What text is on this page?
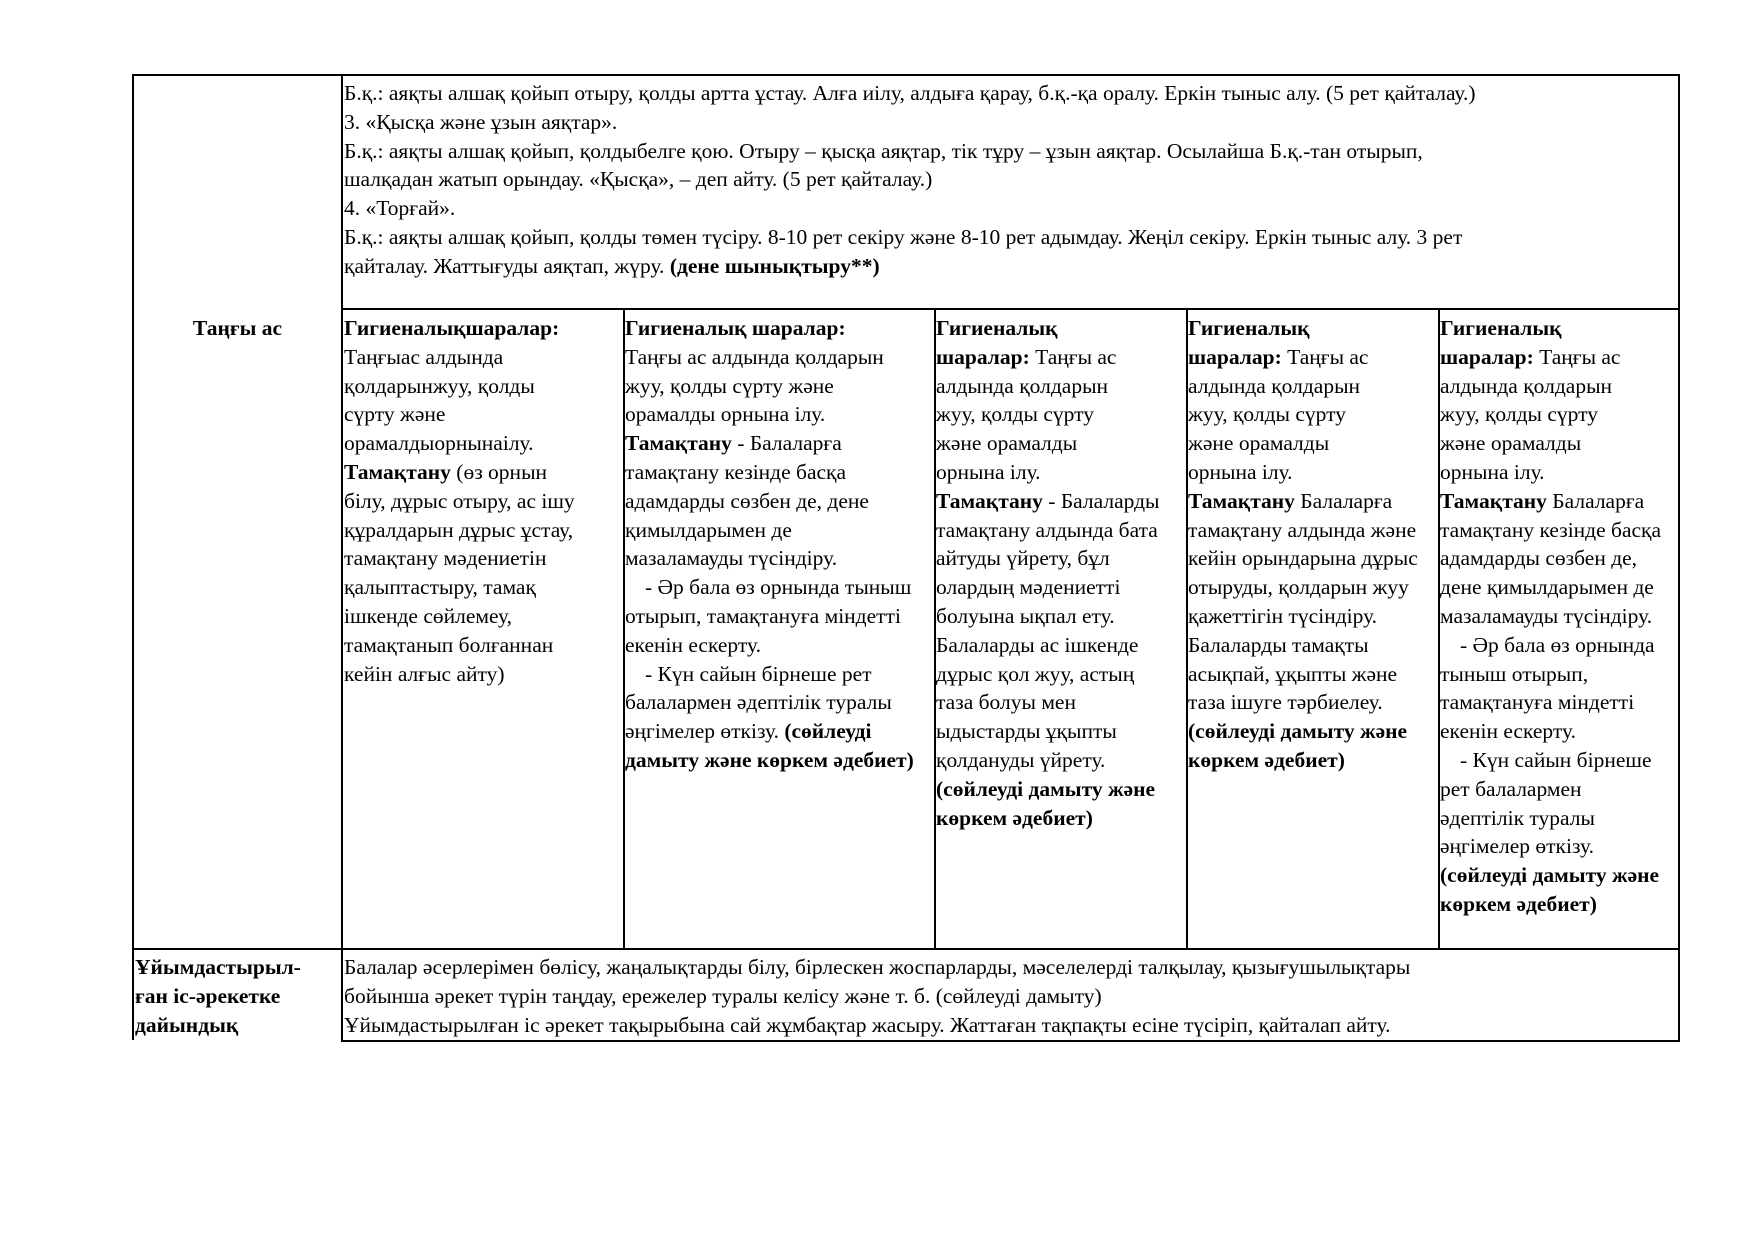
Б.қ.: аяқты алшақ қойып отыру, қолды артта ұстау. Алға иілу, алдыға қарау, б.қ.-қа оралу. Еркін тыныс алу. (5 рет қайталау.)

3. «Қысқа және ұзын аяқтар».

Б.қ.: аяқты алшақ қойып, қолдыбелге қою. Отыру – қысқа аяқтар, тік тұру – ұзын аяқтар. Осылайша Б.қ.-тан отырып,

шалқадан жатып орындау. «Қысқа», – деп айту. (5 рет қайталау.)

4. «Торғай».

Б.қ.: аяқты алшақ қойып, қолды төмен түсіру. 8-10 рет секіру және 8-10 рет адымдау. Жеңіл секіру. Еркін тыныс алу. 3 рет

қайталау. Жаттығуды аяқтап, жүру. (дене шынықтыру**)

Таңғы ас	Гигиеналықшаралар:

Таңғыас алдында

қолдарынжуу, қолды

сүрту және

орамалдыорнынаілу.

Тамақтану (өз орнын

білу, дұрыс отыру, ас ішу

құралдарын дұрыс ұстау,

тамақтану мәдениетін

қалыптастыру, тамақ

ішкенде сөйлемеу,

тамақтанып болғаннан

кейін алғыс айту)

Гигиеналық шаралар:

Таңғы ас алдында қолдарын

жуу, қолды сүрту және

орамалды орнына ілу.

Тамақтану - Балаларға

тамақтану кезінде басқа

адамдарды сөзбен де, дене

қимылдарымен де

мазаламауды түсіндіру.

- Әр бала өз орнында тыныш

отырып, тамақтануға міндетті

екенін ескерту.

- Күн сайын бірнеше рет

балалармен әдептілік туралы

әңгімелер өткізу. (сөйлеуді

дамыту және көркем әдебиет)

Гигиеналық

шаралар: Таңғы ас

алдында қолдарын

жуу, қолды сүрту

және орамалды

орнына ілу.

Тамақтану - Балаларды

тамақтану алдында бата

айтуды үйрету, бұл

олардың мәдениетті

болуына ықпал ету.

Балаларды ас ішкенде

дұрыс қол жуу, астың

таза болуы мен

ыдыстарды ұқыпты

қолдануды үйрету.

(сөйлеуді дамыту және

көркем әдебиет)

Гигиеналық

шаралар: Таңғы ас

алдында қолдарын

жуу, қолды сүрту

және орамалды

орнына ілу.

Тамақтану Балаларға

тамақтану алдында және

кейін орындарына дұрыс

отыруды, қолдарын жуу

қажеттігін түсіндіру.

Балаларды тамақты

асықпай, ұқыпты және

таза ішуге тәрбиелеу.

(сөйлеуді дамыту және

көркем әдебиет)

Гигиеналық

шаралар: Таңғы ас

алдында қолдарын

жуу, қолды сүрту

және орамалды

орнына ілу.

Тамақтану Балаларға

тамақтану кезінде басқа

адамдарды сөзбен де,

дене қимылдарымен де

мазаламауды түсіндіру.

- Әр бала өз орнында

тыныш отырып,

тамақтануға міндетті

екенін ескерту.

- Күн сайын бірнеше

рет балалармен

әдептілік туралы

әңгімелер өткізу.

(сөйлеуді дамыту және

көркем әдебиет)

Ұйымдастырыл-

ған іс-әрекетке

дайындық

Балалар әсерлерімен бөлісу, жаңалықтарды білу, бірлескен жоспарларды, мәселелерді талқылау, қызығушылықтары

бойынша әрекет түрін таңдау, ережелер туралы келісу және т. б. (сөйлеуді дамыту)

Ұйымдастырылған іс әрекет тақырыбына сай жұмбақтар жасыру. Жаттаған тақпақты есіне түсіріп, қайталап айту.
